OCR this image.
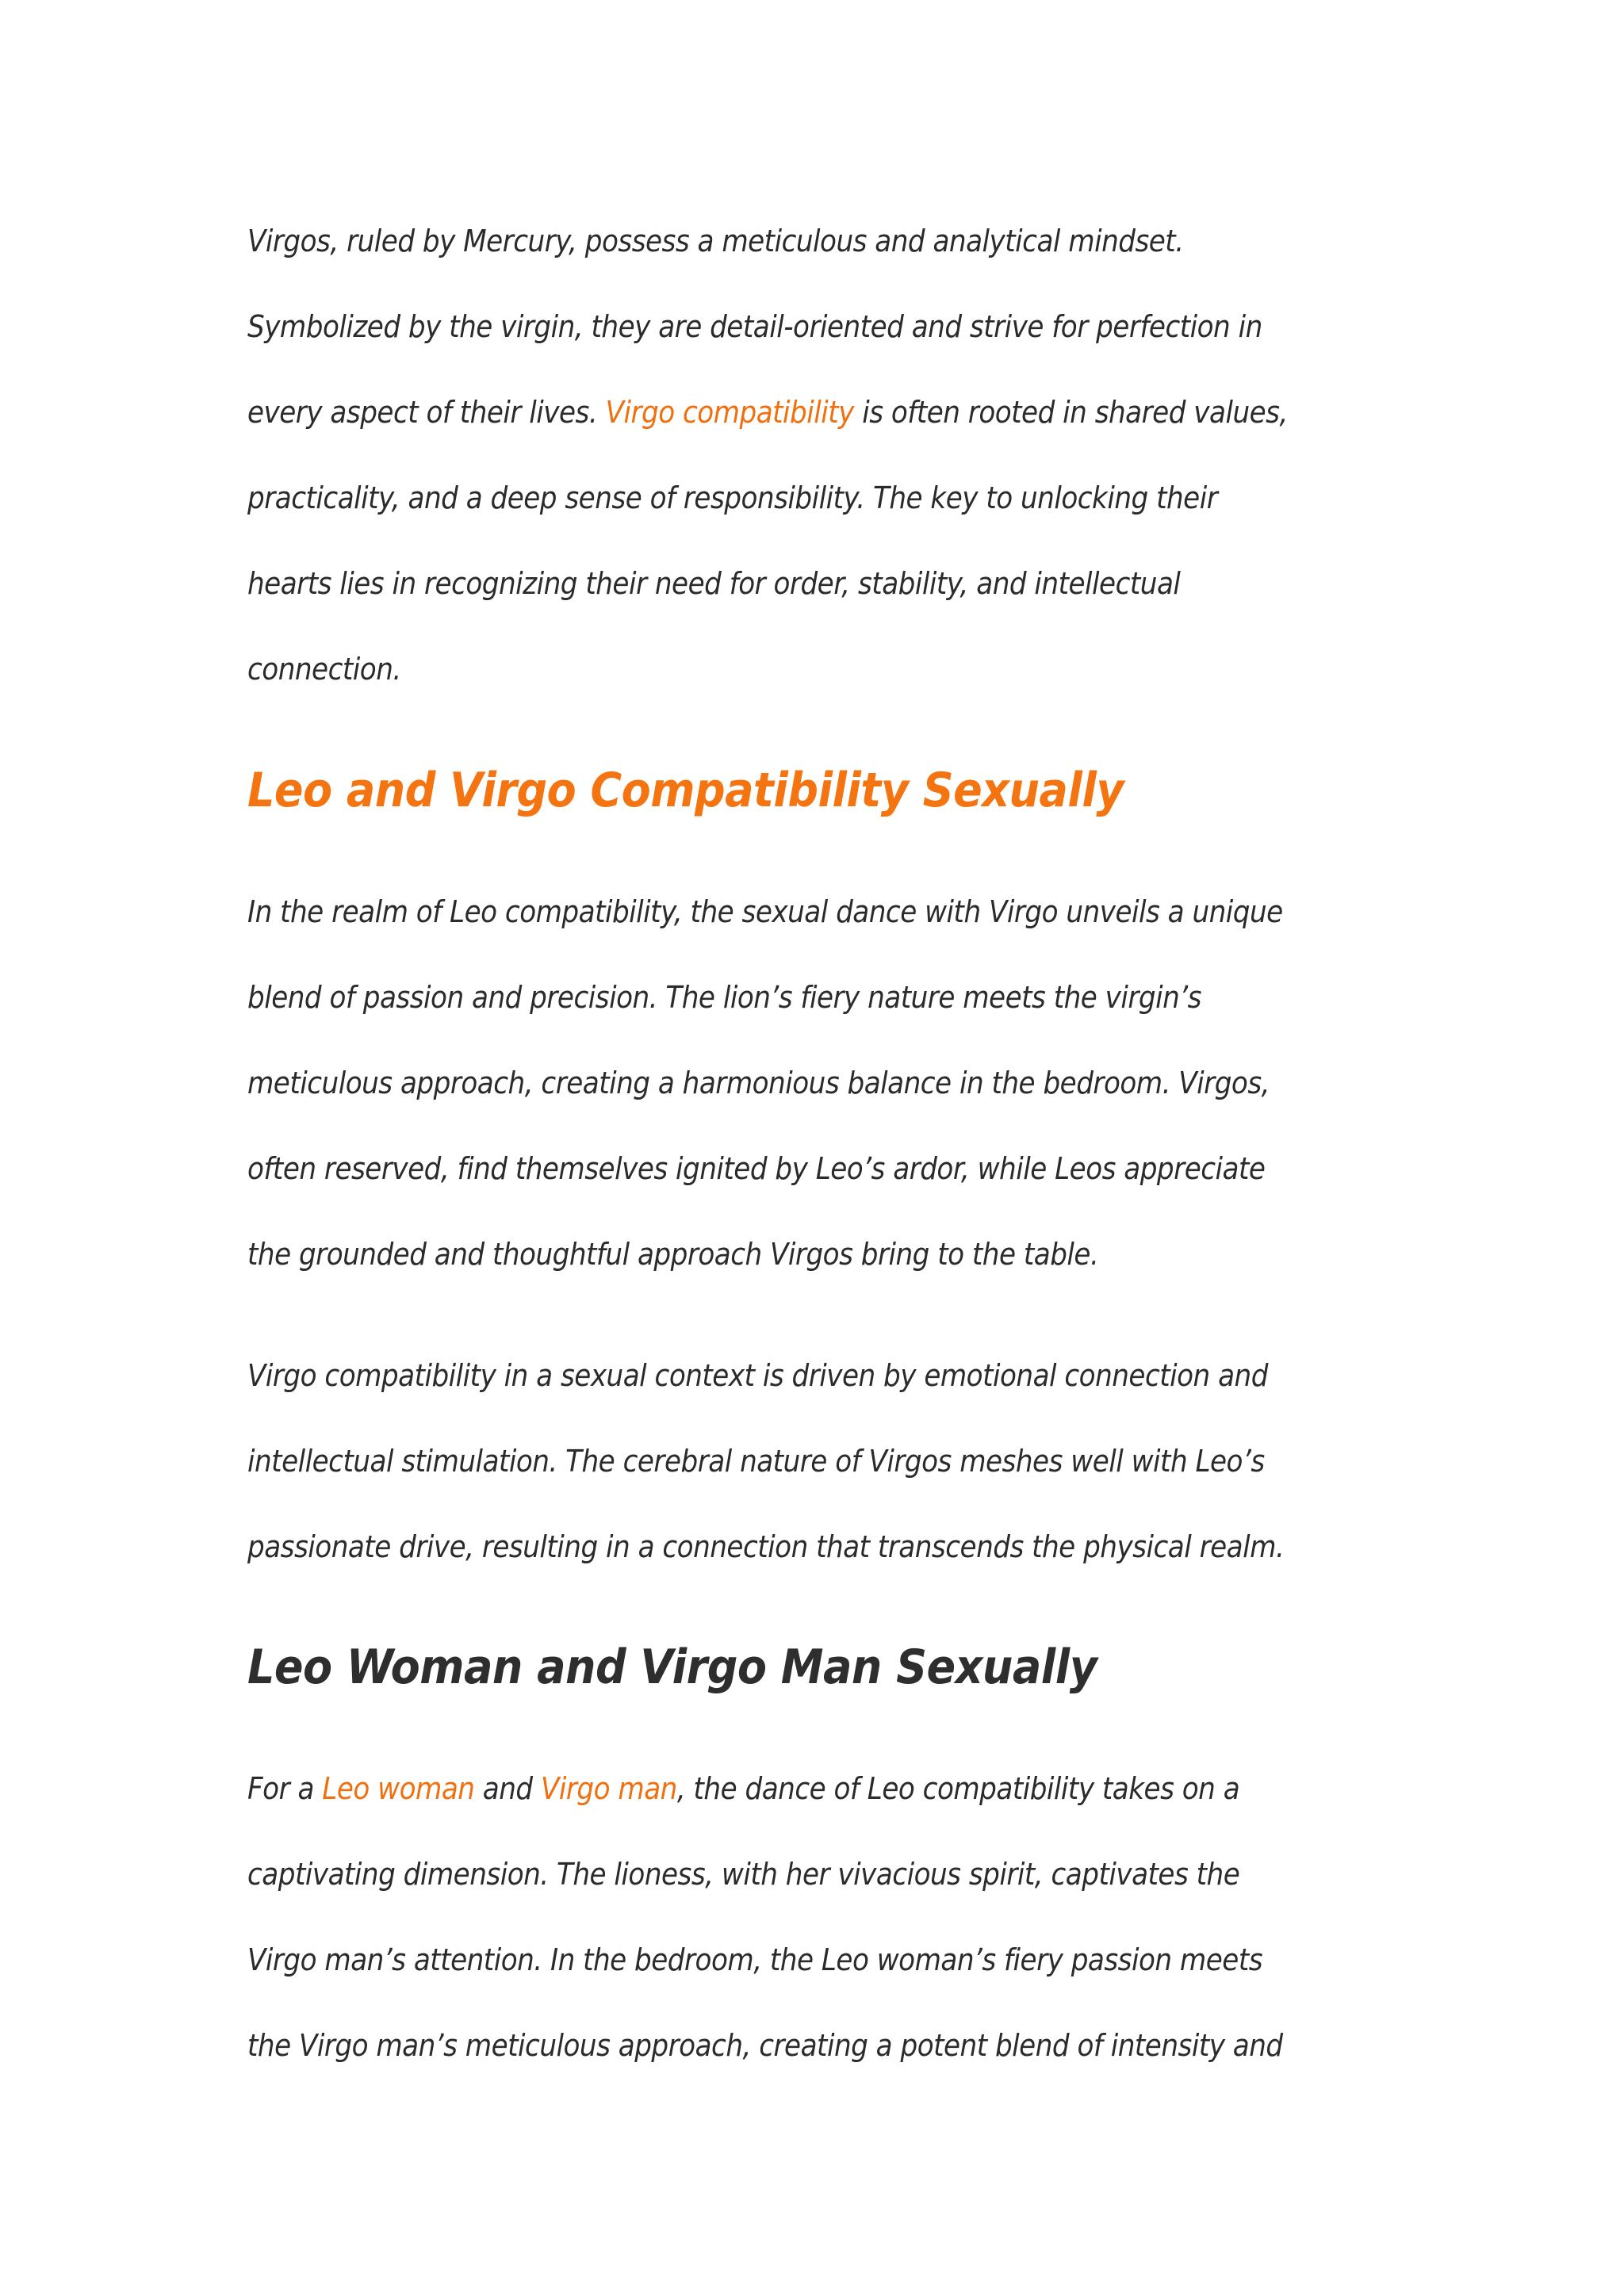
Virgos, ruled by Mercury, possess a meticulous and analytical mindset.
Symbolized by the virgin, they are detail-oriented and strive for perfection in
every aspect of their lives. Virgo compatibility is often rooted in shared values,
practicality, and a deep sense of responsibility. The key to unlocking their
hearts lies in recognizing their need for order, stability, and intellectual
connection.

Leo and Virgo Compatibility Sexually

In the realm of Leo compatibility, the sexual dance with Virgo unveils a unique
blend of passion and precision. The lion’s fiery nature meets the virgin’s
meticulous approach, creating a harmonious balance in the bedroom. Virgos,
often reserved, find themselves ignited by Leo’s ardor, while Leos appreciate
the grounded and thoughtful approach Virgos bring to the table.

Virgo compatibility in a sexual context is driven by emotional connection and
intellectual stimulation. The cerebral nature of Virgos meshes well with Leo’s
passionate drive, resulting in a connection that transcends the physical realm.

Leo Woman and Virgo Man Sexually

For a Leo woman and Virgo man, the dance of Leo compatibility takes on a
captivating dimension. The lioness, with her vivacious spirit, captivates the
Virgo man’s attention. In the bedroom, the Leo woman’s fiery passion meets
the Virgo man’s meticulous approach, creating a potent blend of intensity and
